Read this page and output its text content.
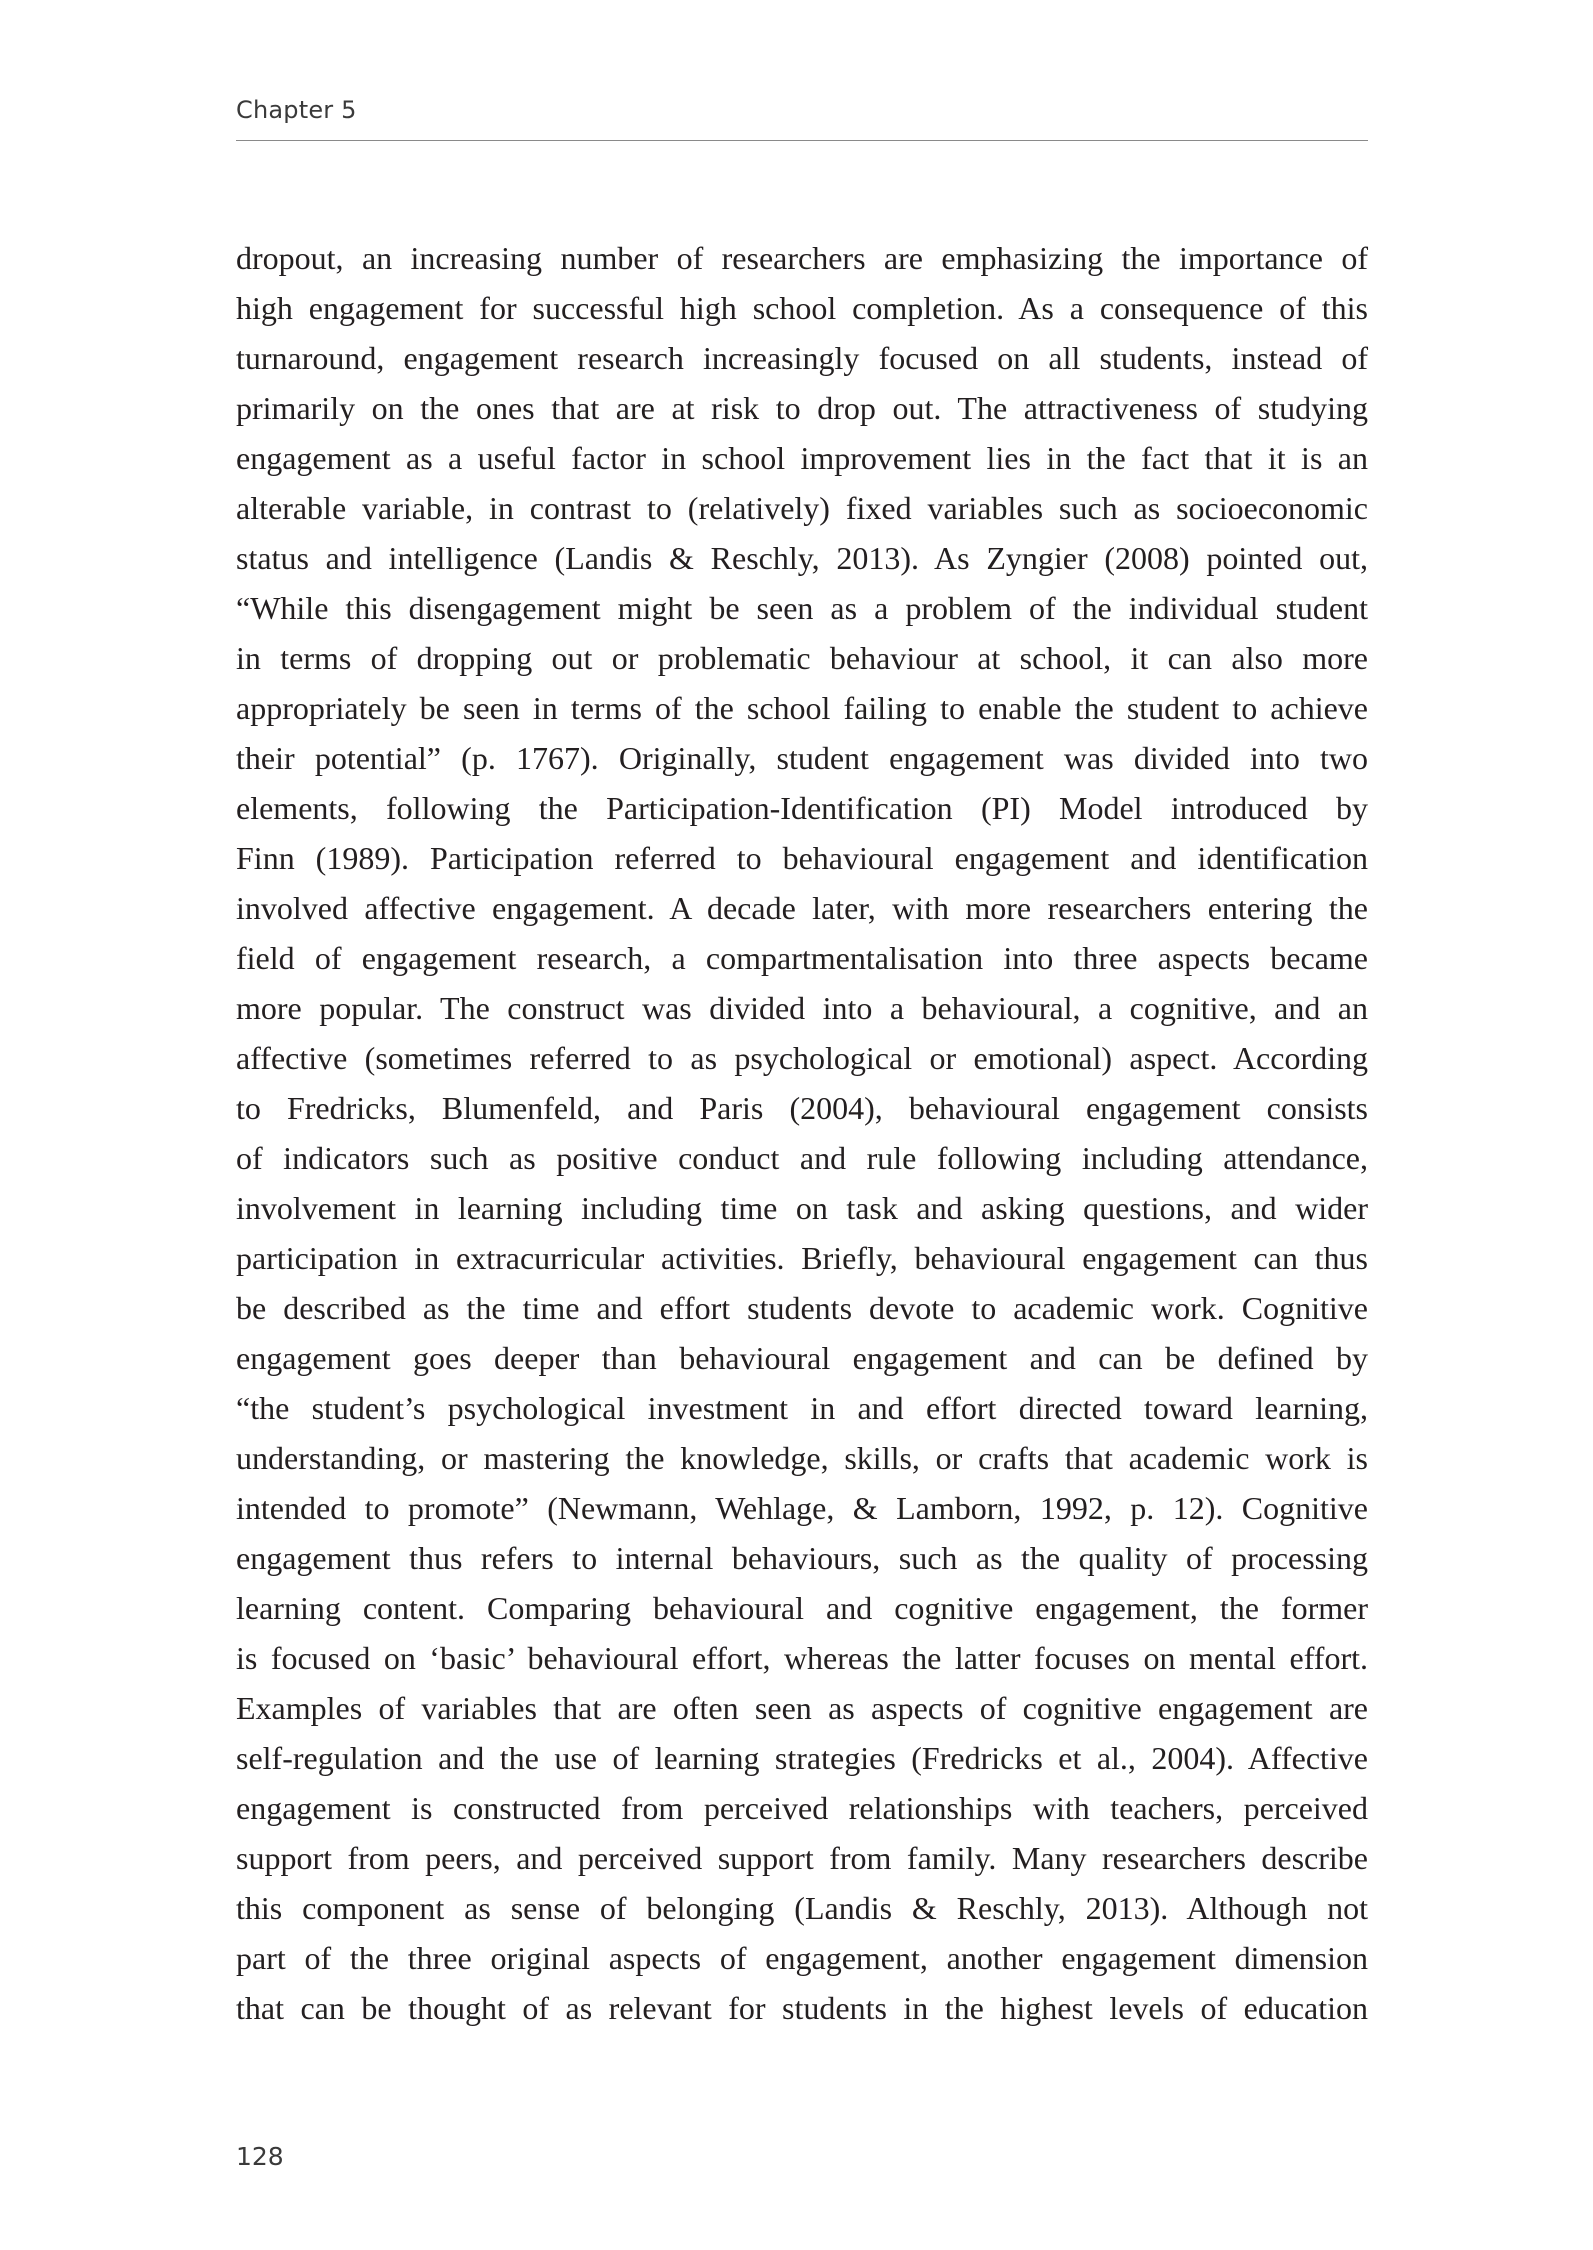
Chapter 5
dropout, an increasing number of researchers are emphasizing the importance of
high engagement for successful high school completion. As a consequence of this
turnaround, engagement research increasingly focused on all students, instead of
primarily on the ones that are at risk to drop out. The attractiveness of studying
engagement as a useful factor in school improvement lies in the fact that it is an
alterable variable, in contrast to (relatively) fixed variables such as socioeconomic
status and intelligence (Landis & Reschly, 2013). As Zyngier (2008) pointed out,
“While this disengagement might be seen as a problem of the individual student
in terms of dropping out or problematic behaviour at school, it can also more
appropriately be seen in terms of the school failing to enable the student to achieve
their potential” (p. 1767). Originally, student engagement was divided into two
elements, following the Participation-Identification (PI) Model introduced by
Finn (1989). Participation referred to behavioural engagement and identification
involved affective engagement. A decade later, with more researchers entering the
field of engagement research, a compartmentalisation into three aspects became
more popular. The construct was divided into a behavioural, a cognitive, and an
affective (sometimes referred to as psychological or emotional) aspect. According
to Fredricks, Blumenfeld, and Paris (2004), behavioural engagement consists
of indicators such as positive conduct and rule following including attendance,
involvement in learning including time on task and asking questions, and wider
participation in extracurricular activities. Briefly, behavioural engagement can thus
be described as the time and effort students devote to academic work. Cognitive
engagement goes deeper than behavioural engagement and can be defined by
“the student’s psychological investment in and effort directed toward learning,
understanding, or mastering the knowledge, skills, or crafts that academic work is
intended to promote” (Newmann, Wehlage, & Lamborn, 1992, p. 12). Cognitive
engagement thus refers to internal behaviours, such as the quality of processing
learning content. Comparing behavioural and cognitive engagement, the former
is focused on ‘basic’ behavioural effort, whereas the latter focuses on mental effort.
Examples of variables that are often seen as aspects of cognitive engagement are
self-regulation and the use of learning strategies (Fredricks et al., 2004). Affective
engagement is constructed from perceived relationships with teachers, perceived
support from peers, and perceived support from family. Many researchers describe
this component as sense of belonging (Landis & Reschly, 2013). Although not
part of the three original aspects of engagement, another engagement dimension
that can be thought of as relevant for students in the highest levels of education
128
